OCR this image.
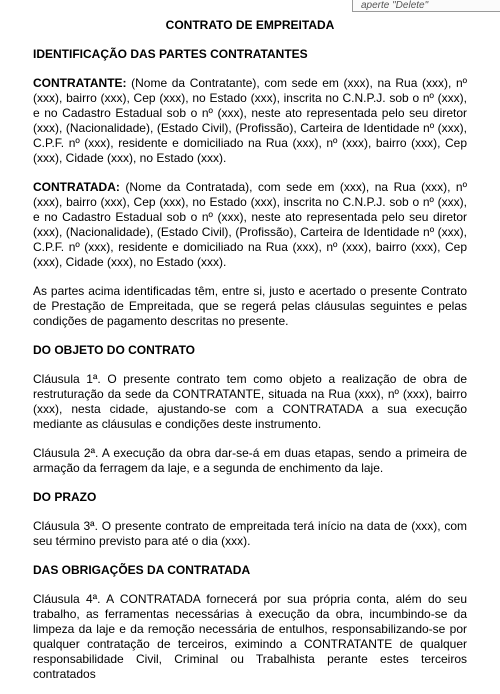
aperte "Delete"
CONTRATO DE EMPREITADA
IDENTIFICAÇÃO DAS PARTES CONTRATANTES

CONTRATANTE: (Nome da Contratante), com sede em (xxx), na Rua (xxx), nº (xxx), bairro (xxx), Cep (xxx), no Estado (xxx), inscrita no C.N.P.J. sob o nº (xxx), e no Cadastro Estadual sob o nº (xxx), neste ato representada pelo seu diretor (xxx), (Nacionalidade), (Estado Civil), (Profissão), Carteira de Identidade nº (xxx), C.P.F. nº (xxx), residente e domiciliado na Rua (xxx), nº (xxx), bairro (xxx), Cep (xxx), Cidade (xxx), no Estado (xxx).

CONTRATADA: (Nome da Contratada), com sede em (xxx), na Rua (xxx), nº (xxx), bairro (xxx), Cep (xxx), no Estado (xxx), inscrita no C.N.P.J. sob o nº (xxx), e no Cadastro Estadual sob o nº (xxx), neste ato representada pelo seu diretor (xxx), (Nacionalidade), (Estado Civil), (Profissão), Carteira de Identidade nº (xxx), C.P.F. nº (xxx), residente e domiciliado na Rua (xxx), nº (xxx), bairro (xxx), Cep (xxx), Cidade (xxx), no Estado (xxx).

As partes acima identificadas têm, entre si, justo e acertado o presente Contrato de Prestação de Empreitada, que se regerá pelas cláusulas seguintes e pelas condições de pagamento descritas no presente.

DO OBJETO DO CONTRATO

Cláusula 1ª. O presente contrato tem como objeto a realização de obra de restruturação da sede da CONTRATANTE, situada na Rua (xxx), nº (xxx), bairro (xxx), nesta cidade, ajustando-se com a CONTRATADA a sua execução mediante as cláusulas e condições deste instrumento.

Cláusula 2ª. A execução da obra dar-se-á em duas etapas, sendo a primeira de armação da ferragem da laje, e a segunda de enchimento da laje.

DO PRAZO

Cláusula 3ª. O presente contrato de empreitada terá início na data de (xxx), com seu término previsto para até o dia (xxx).

DAS OBRIGAÇÕES DA CONTRATADA

Cláusula 4ª. A CONTRATADA fornecerá por sua própria conta, além do seu trabalho, as ferramentas necessárias à execução da obra, incumbindo-se da limpeza da laje e da remoção necessária de entulhos, responsabilizando-se por qualquer contratação de terceiros, eximindo a CONTRATANTE de qualquer responsabilidade Civil, Criminal ou Trabalhista perante estes terceiros contratados
